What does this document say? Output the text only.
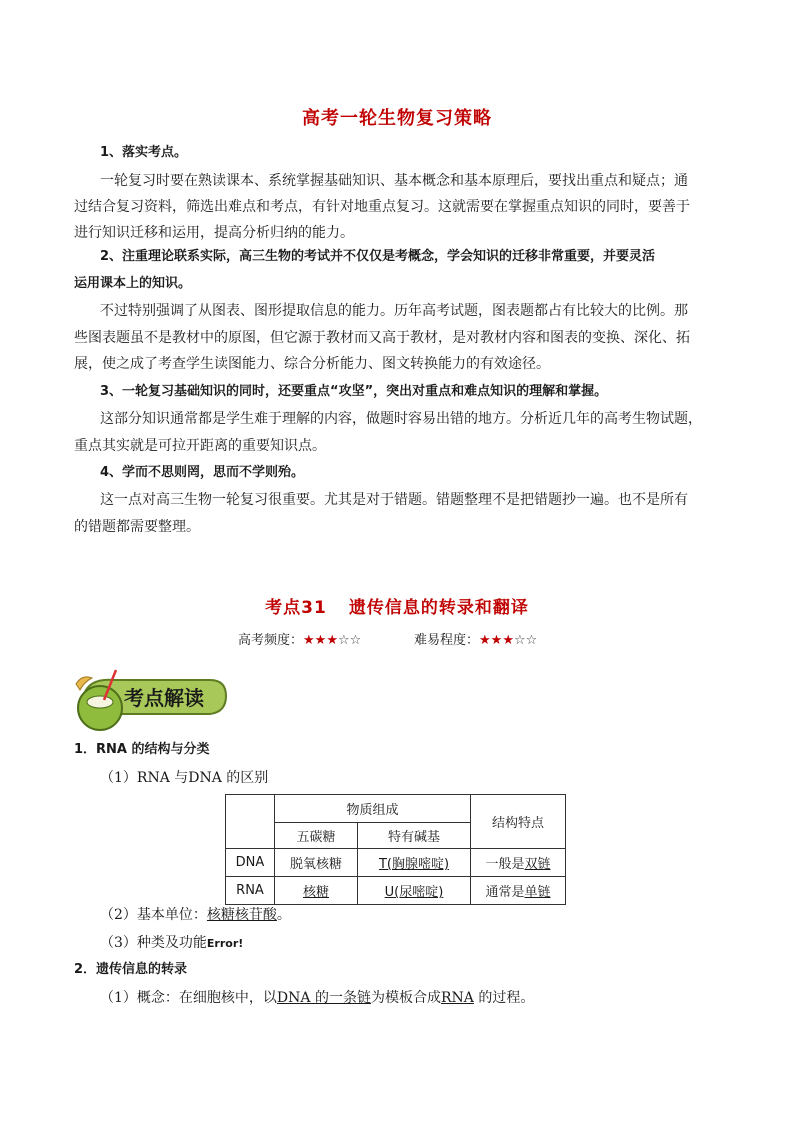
高考一轮生物复习策略
1、落实考点。
一轮复习时要在熟读课本、系统掌握基础知识、基本概念和基本原理后，要找出重点和疑点；通
过结合复习资料，筛选出难点和考点，有针对地重点复习。这就需要在掌握重点知识的同时，要善于
进行知识迁移和运用，提高分析归纳的能力。
2、注重理论联系实际，高三生物的考试并不仅仅是考概念，学会知识的迁移非常重要，并要灵活
运用课本上的知识。
不过特别强调了从图表、图形提取信息的能力。历年高考试题，图表题都占有比较大的比例。那
些图表题虽不是教材中的原图，但它源于教材而又高于教材，是对教材内容和图表的变换、深化、拓
展，使之成了考查学生读图能力、综合分析能力、图文转换能力的有效途径。
3、一轮复习基础知识的同时，还要重点“攻坚”，突出对重点和难点知识的理解和掌握。
这部分知识通常都是学生难于理解的内容，做题时容易出错的地方。分析近几年的高考生物试题，
重点其实就是可拉开距离的重要知识点。
4、学而不思则罔，思而不学则殆。
这一点对高三生物一轮复习很重要。尤其是对于错题。错题整理不是把错题抄一遍。也不是所有
的错题都需要整理。
考点31 遗传信息的转录和翻译
高考频度：★★★☆☆	难易程度：★★★☆☆
考点解读
1．RNA 的结构与分类
（1）RNA 与DNA 的区别
	物质组成		结构特点
	五碳糖	特有碱基	
DNA	脱氧核糖	T(胸腺嘧啶)	一般是双链
RNA	核糖	U(尿嘧啶)	通常是单链
（2）基本单位：核糖核苷酸。
（3）种类及功能Error!
2．遗传信息的转录
（1）概念：在细胞核中，以DNA 的一条链为模板合成RNA 的过程。
